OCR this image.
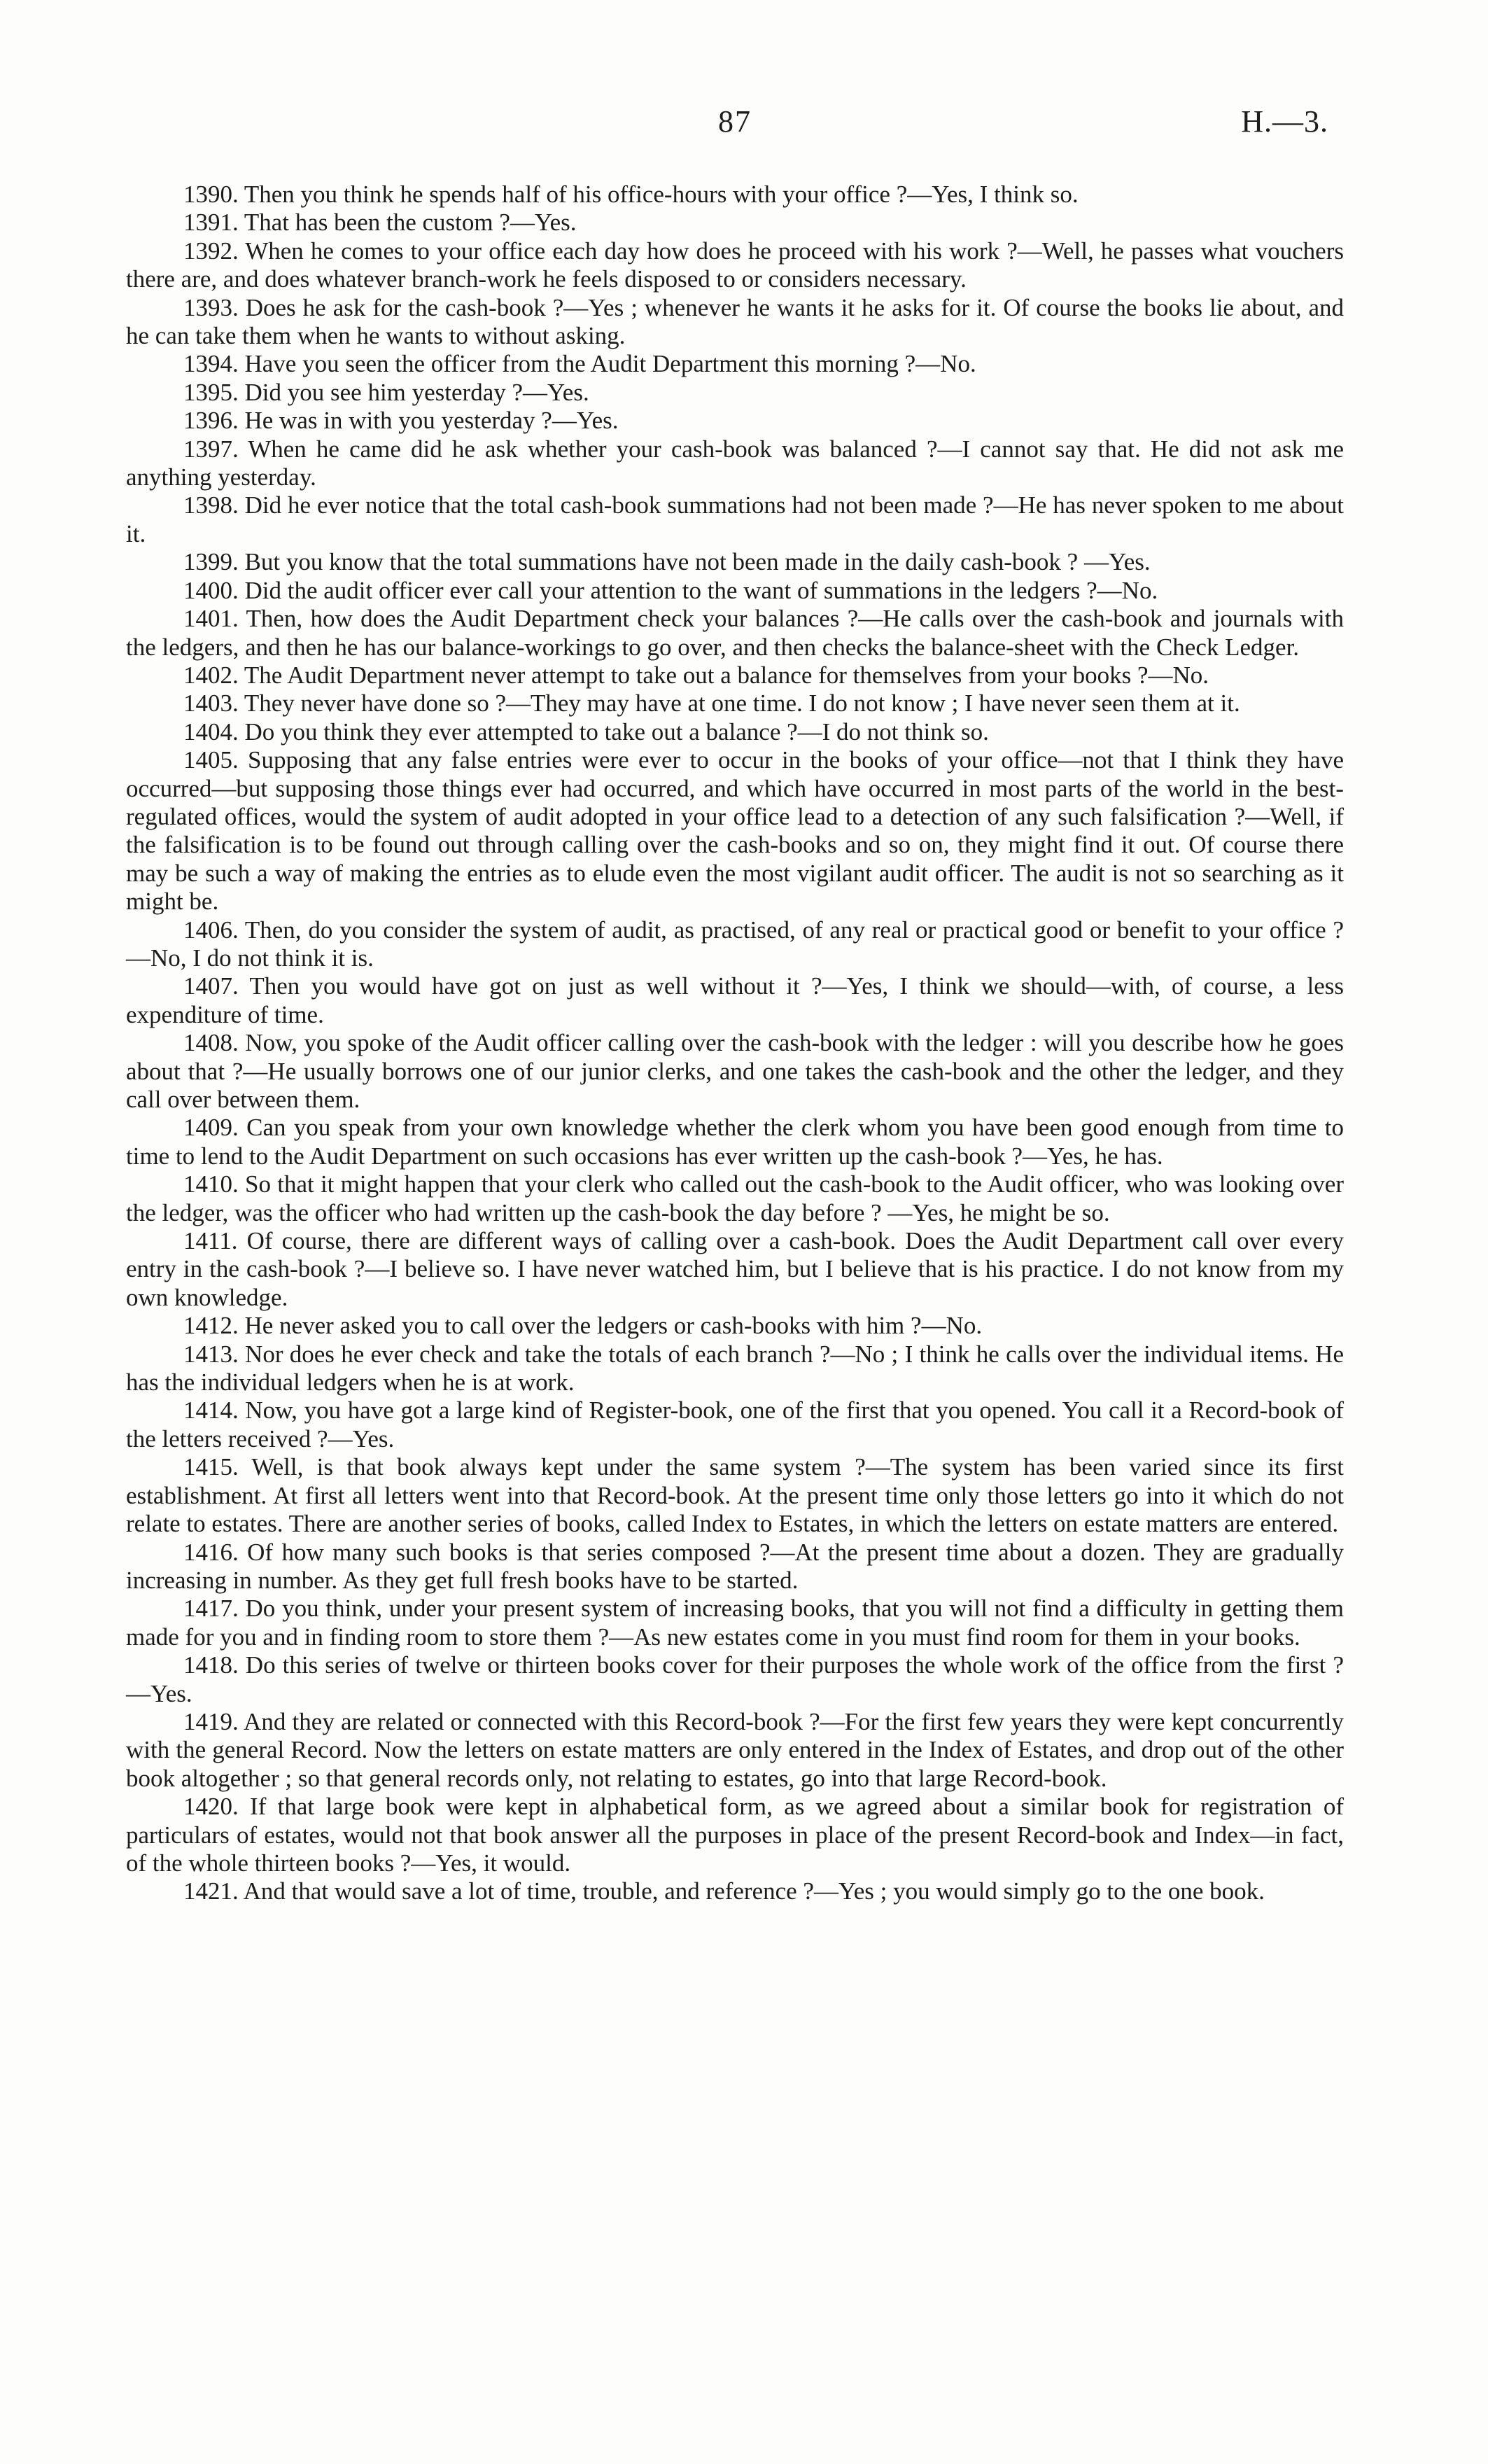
87	H.—3.

1390. Then you think he spends half of his office-hours with your office ?—Yes, I think so.

1391. That has been the custom ?—Yes.

1392. When he comes to your office each day how does he proceed with his work ?—Well, he passes what vouchers there are, and does whatever branch-work he feels disposed to or considers necessary.

1393. Does he ask for the cash-book ?—Yes ; whenever he wants it he asks for it. Of course the books lie about, and he can take them when he wants to without asking.

1394. Have you seen the officer from the Audit Department this morning ?—No.

1395. Did you see him yesterday ?—Yes.

1396. He was in with you yesterday ?—Yes.

1397. When he came did he ask whether your cash-book was balanced ?—I cannot say that. He did not ask me anything yesterday.

1398. Did he ever notice that the total cash-book summations had not been made ?—He has never spoken to me about it.

1399. But you know that the total summations have not been made in the daily cash-book ? —Yes.

1400. Did the audit officer ever call your attention to the want of summations in the ledgers ?—No.

1401. Then, how does the Audit Department check your balances ?—He calls over the cash-book and journals with the ledgers, and then he has our balance-workings to go over, and then checks the balance-sheet with the Check Ledger.

1402. The Audit Department never attempt to take out a balance for themselves from your books ?—No.

1403. They never have done so ?—They may have at one time. I do not know ; I have never seen them at it.

1404. Do you think they ever attempted to take out a balance ?—I do not think so.

1405. Supposing that any false entries were ever to occur in the books of your office—not that I think they have occurred—but supposing those things ever had occurred, and which have occurred in most parts of the world in the best-regulated offices, would the system of audit adopted in your office lead to a detection of any such falsification ?—Well, if the falsification is to be found out through calling over the cash-books and so on, they might find it out. Of course there may be such a way of making the entries as to elude even the most vigilant audit officer. The audit is not so searching as it might be.

1406. Then, do you consider the system of audit, as practised, of any real or practical good or benefit to your office ?—No, I do not think it is.

1407. Then you would have got on just as well without it ?—Yes, I think we should—with, of course, a less expenditure of time.

1408. Now, you spoke of the Audit officer calling over the cash-book with the ledger : will you describe how he goes about that ?—He usually borrows one of our junior clerks, and one takes the cash-book and the other the ledger, and they call over between them.

1409. Can you speak from your own knowledge whether the clerk whom you have been good enough from time to time to lend to the Audit Department on such occasions has ever written up the cash-book ?—Yes, he has.

1410. So that it might happen that your clerk who called out the cash-book to the Audit officer, who was looking over the ledger, was the officer who had written up the cash-book the day before ? —Yes, he might be so.

1411. Of course, there are different ways of calling over a cash-book. Does the Audit Department call over every entry in the cash-book ?—I believe so. I have never watched him, but I believe that is his practice. I do not know from my own knowledge.

1412. He never asked you to call over the ledgers or cash-books with him ?—No.

1413. Nor does he ever check and take the totals of each branch ?—No ; I think he calls over the individual items. He has the individual ledgers when he is at work.

1414. Now, you have got a large kind of Register-book, one of the first that you opened. You call it a Record-book of the letters received ?—Yes.

1415. Well, is that book always kept under the same system ?—The system has been varied since its first establishment. At first all letters went into that Record-book. At the present time only those letters go into it which do not relate to estates. There are another series of books, called Index to Estates, in which the letters on estate matters are entered.

1416. Of how many such books is that series composed ?—At the present time about a dozen. They are gradually increasing in number. As they get full fresh books have to be started.

1417. Do you think, under your present system of increasing books, that you will not find a difficulty in getting them made for you and in finding room to store them ?—As new estates come in you must find room for them in your books.

1418. Do this series of twelve or thirteen books cover for their purposes the whole work of the office from the first ?—Yes.

1419. And they are related or connected with this Record-book ?—For the first few years they were kept concurrently with the general Record. Now the letters on estate matters are only entered in the Index of Estates, and drop out of the other book altogether ; so that general records only, not relating to estates, go into that large Record-book.

1420. If that large book were kept in alphabetical form, as we agreed about a similar book for registration of particulars of estates, would not that book answer all the purposes in place of the present Record-book and Index—in fact, of the whole thirteen books ?—Yes, it would.

1421. And that would save a lot of time, trouble, and reference ?—Yes ; you would simply go to the one book.
